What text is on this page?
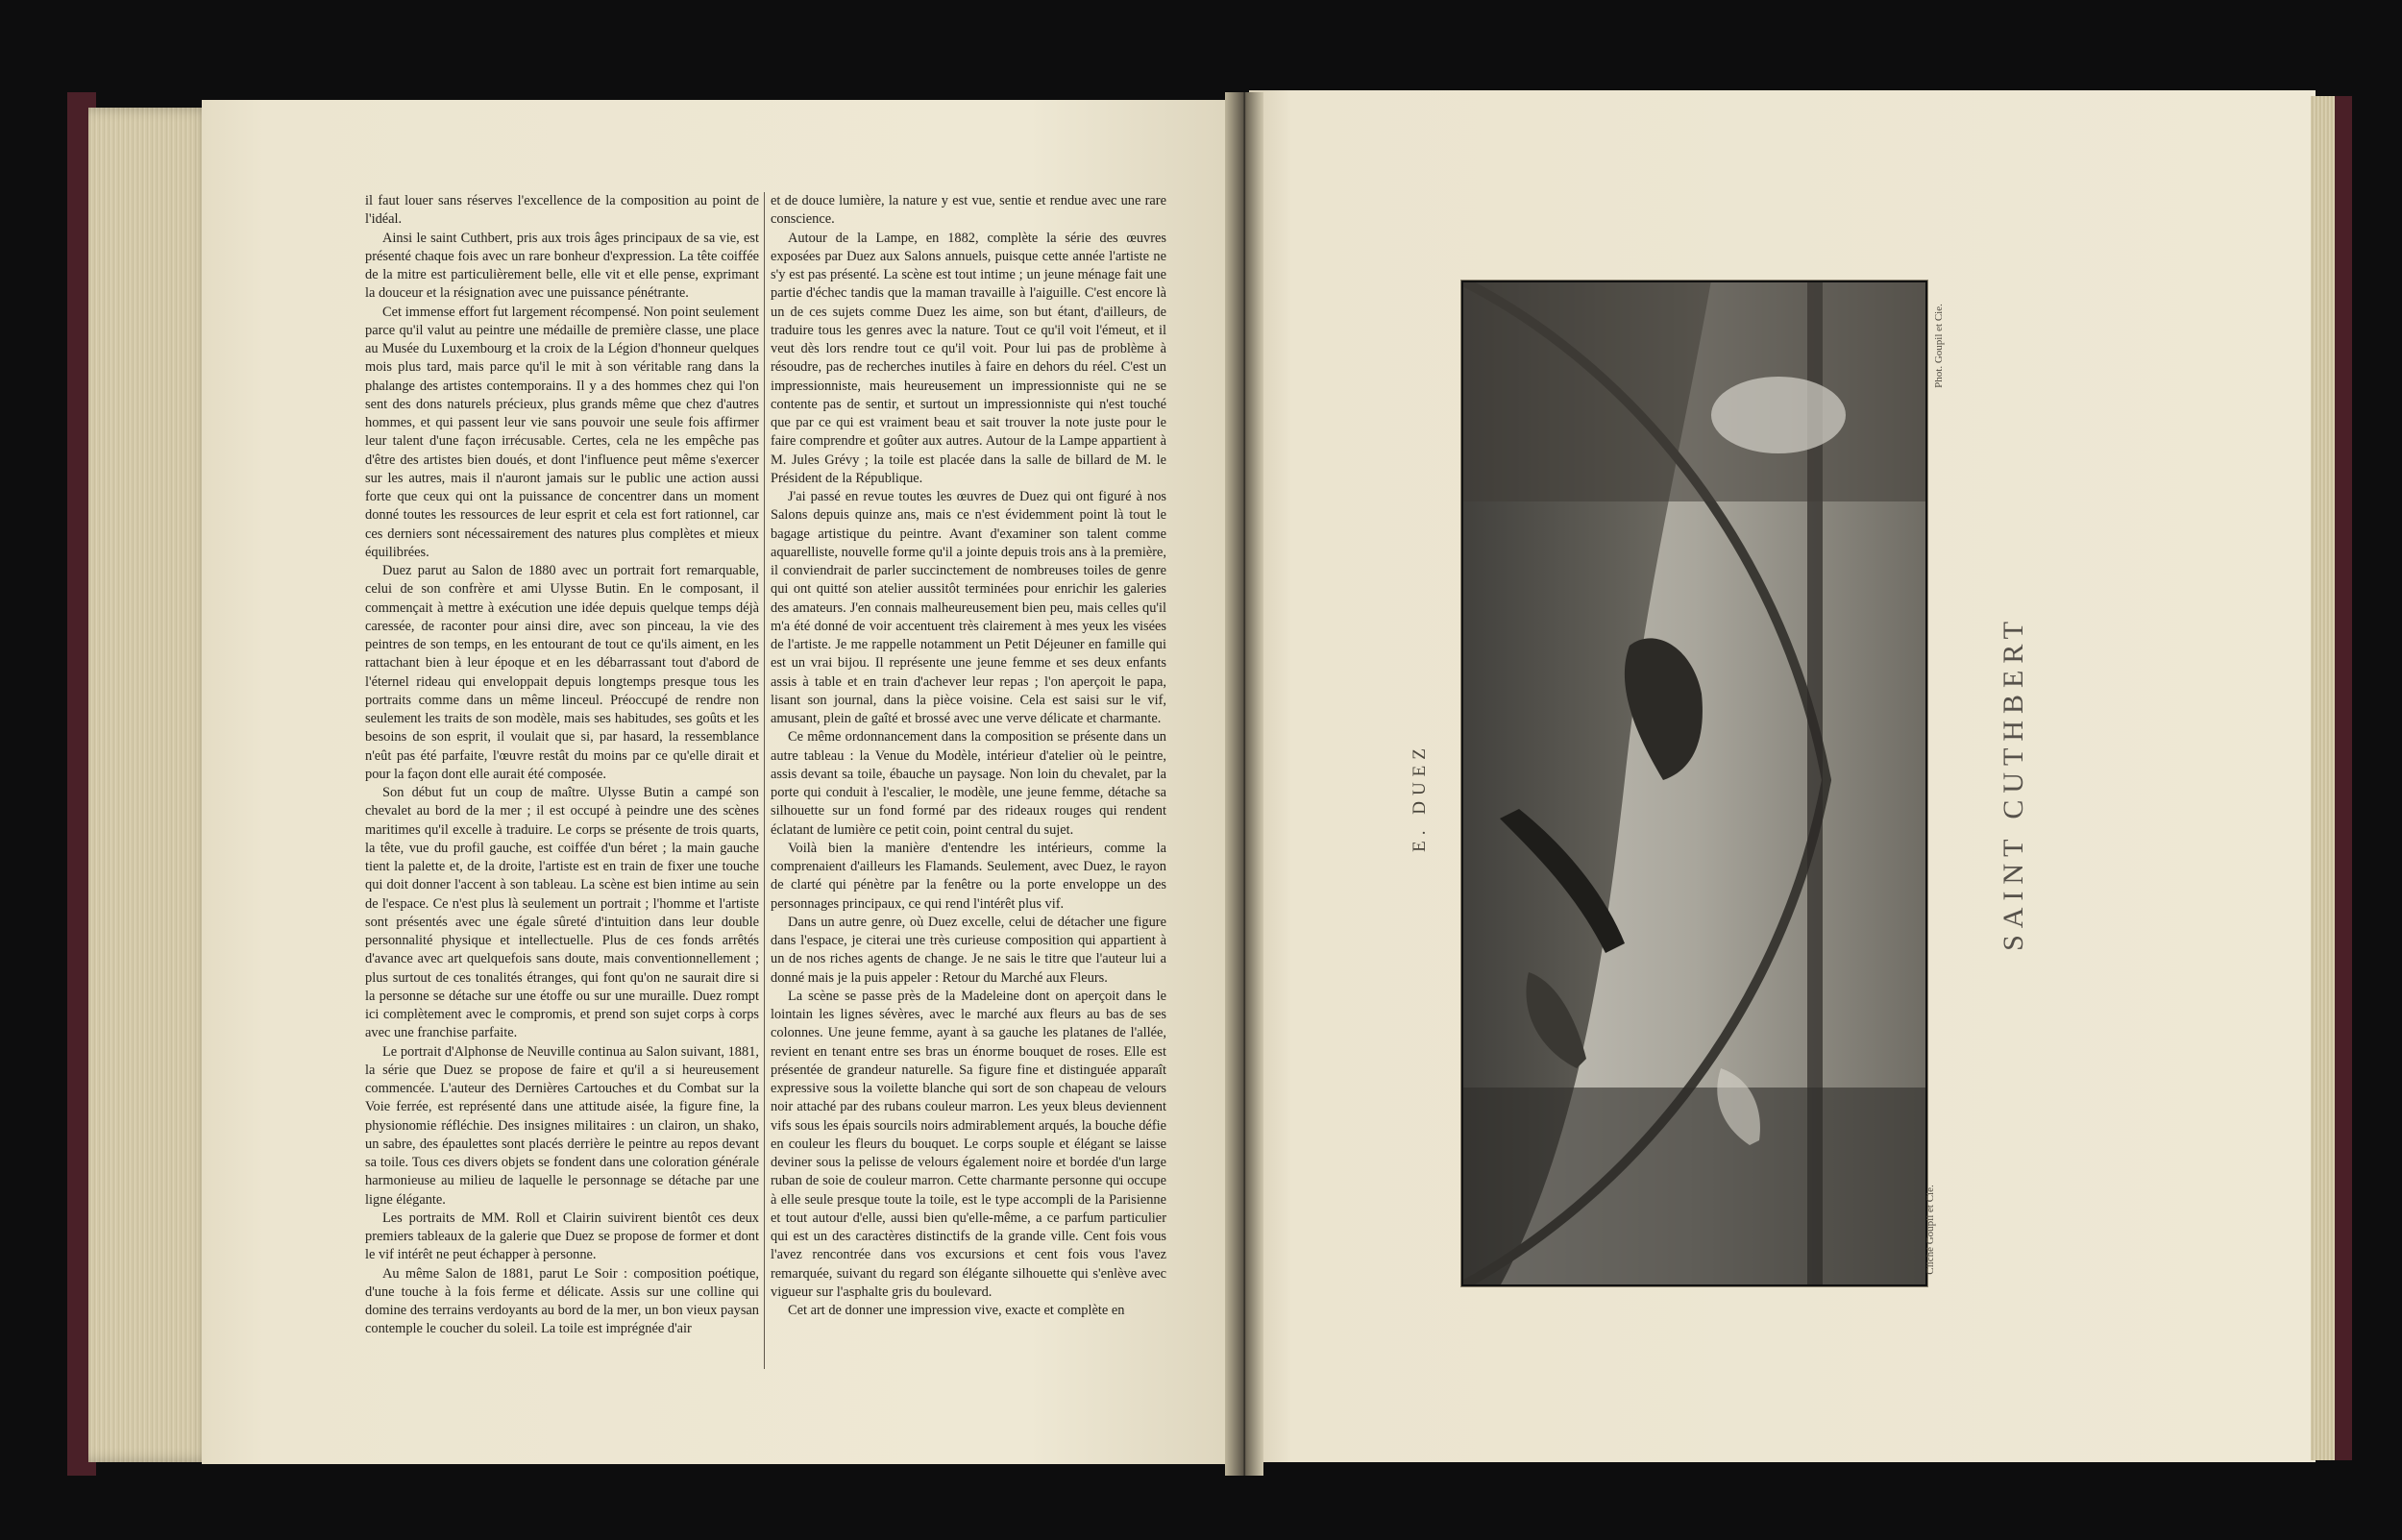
il faut louer sans réserves l'excellence de la composition au point de l'idéal.

Ainsi le saint Cuthbert, pris aux trois âges principaux de sa vie, est présenté chaque fois avec un rare bonheur d'expression. La tête coiffée de la mitre est particulièrement belle, elle vit et elle pense, exprimant la douceur et la résignation avec une puissance pénétrante.

Cet immense effort fut largement récompensé. Non point seulement parce qu'il valut au peintre une médaille de première classe, une place au Musée du Luxembourg et la croix de la Légion d'honneur quelques mois plus tard, mais parce qu'il le mit à son véritable rang dans la phalange des artistes contemporains. Il y a des hommes chez qui l'on sent des dons naturels précieux, plus grands même que chez d'autres hommes, et qui passent leur vie sans pouvoir une seule fois affirmer leur talent d'une façon irrécusable. Certes, cela ne les empêche pas d'être des artistes bien doués, et dont l'influence peut même s'exercer sur les autres, mais il n'auront jamais sur le public une action aussi forte que ceux qui ont la puissance de concentrer dans un moment donné toutes les ressources de leur esprit et cela est fort rationnel, car ces derniers sont nécessairement des natures plus complètes et mieux équilibrées.

Duez parut au Salon de 1880 avec un portrait fort remarquable, celui de son confrère et ami Ulysse Butin. En le composant, il commençait à mettre à exécution une idée depuis quelque temps déjà caressée, de raconter pour ainsi dire, avec son pinceau, la vie des peintres de son temps, en les entourant de tout ce qu'ils aiment, en les rattachant bien à leur époque et en les débarrassant tout d'abord de l'éternel rideau qui enveloppait depuis longtemps presque tous les portraits comme dans un même linceul. Préoccupé de rendre non seulement les traits de son modèle, mais ses habitudes, ses goûts et les besoins de son esprit, il voulait que si, par hasard, la ressemblance n'eût pas été parfaite, l'œuvre restât du moins par ce qu'elle dirait et pour la façon dont elle aurait été composée.

Son début fut un coup de maître. Ulysse Butin a campé son chevalet au bord de la mer ; il est occupé à peindre une des scènes maritimes qu'il excelle à traduire. Le corps se présente de trois quarts, la tête, vue du profil gauche, est coiffée d'un béret ; la main gauche tient la palette et, de la droite, l'artiste est en train de fixer une touche qui doit donner l'accent à son tableau. La scène est bien intime au sein de l'espace. Ce n'est plus là seulement un portrait ; l'homme et l'artiste sont présentés avec une égale sûreté d'intuition dans leur double personnalité physique et intellectuelle. Plus de ces fonds arrêtés d'avance avec art quelquefois sans doute, mais conventionnellement ; plus surtout de ces tonalités étranges, qui font qu'on ne saurait dire si la personne se détache sur une étoffe ou sur une muraille. Duez rompt ici complètement avec le compromis, et prend son sujet corps à corps avec une franchise parfaite.

Le portrait d'Alphonse de Neuville continua au Salon suivant, 1881, la série que Duez se propose de faire et qu'il a si heureusement commencée. L'auteur des Dernières Cartouches et du Combat sur la Voie ferrée, est représenté dans une attitude aisée, la figure fine, la physionomie réfléchie. Des insignes militaires : un clairon, un shako, un sabre, des épaulettes sont placés derrière le peintre au repos devant sa toile. Tous ces divers objets se fondent dans une coloration générale harmonieuse au milieu de laquelle le personnage se détache par une ligne élégante.

Les portraits de MM. Roll et Clairin suivirent bientôt ces deux premiers tableaux de la galerie que Duez se propose de former et dont le vif intérêt ne peut échapper à personne.

Au même Salon de 1881, parut Le Soir : composition poétique, d'une touche à la fois ferme et délicate. Assis sur une colline qui domine des terrains verdoyants au bord de la mer, un bon vieux paysan contemple le coucher du soleil. La toile est imprégnée d'air

et de douce lumière, la nature y est vue, sentie et rendue avec une rare conscience.

Autour de la Lampe, en 1882, complète la série des œuvres exposées par Duez aux Salons annuels, puisque cette année l'artiste ne s'y est pas présenté. La scène est tout intime ; un jeune ménage fait une partie d'échec tandis que la maman travaille à l'aiguille. C'est encore là un de ces sujets comme Duez les aime, son but étant, d'ailleurs, de traduire tous les genres avec la nature. Tout ce qu'il voit l'émeut, et il veut dès lors rendre tout ce qu'il voit. Pour lui pas de problème à résoudre, pas de recherches inutiles à faire en dehors du réel. C'est un impressionniste, mais heureusement un impressionniste qui ne se contente pas de sentir, et surtout un impressionniste qui n'est touché que par ce qui est vraiment beau et sait trouver la note juste pour le faire comprendre et goûter aux autres. Autour de la Lampe appartient à M. Jules Grévy ; la toile est placée dans la salle de billard de M. le Président de la République.

J'ai passé en revue toutes les œuvres de Duez qui ont figuré à nos Salons depuis quinze ans, mais ce n'est évidemment point là tout le bagage artistique du peintre. Avant d'examiner son talent comme aquarelliste, nouvelle forme qu'il a jointe depuis trois ans à la première, il conviendrait de parler succinctement de nombreuses toiles de genre qui ont quitté son atelier aussitôt terminées pour enrichir les galeries des amateurs. J'en connais malheureusement bien peu, mais celles qu'il m'a été donné de voir accentuent très clairement à mes yeux les visées de l'artiste. Je me rappelle notamment un Petit Déjeuner en famille qui est un vrai bijou. Il représente une jeune femme et ses deux enfants assis à table et en train d'achever leur repas ; l'on aperçoit le papa, lisant son journal, dans la pièce voisine. Cela est saisi sur le vif, amusant, plein de gaîté et brossé avec une verve délicate et charmante.

Ce même ordonnancement dans la composition se présente dans un autre tableau : la Venue du Modèle, intérieur d'atelier où le peintre, assis devant sa toile, ébauche un paysage. Non loin du chevalet, par la porte qui conduit à l'escalier, le modèle, une jeune femme, détache sa silhouette sur un fond formé par des rideaux rouges qui rendent éclatant de lumière ce petit coin, point central du sujet.

Voilà bien la manière d'entendre les intérieurs, comme la comprenaient d'ailleurs les Flamands. Seulement, avec Duez, le rayon de clarté qui pénètre par la fenêtre ou la porte enveloppe un des personnages principaux, ce qui rend l'intérêt plus vif.

Dans un autre genre, où Duez excelle, celui de détacher une figure dans l'espace, je citerai une très curieuse composition qui appartient à un de nos riches agents de change. Je ne sais le titre que l'auteur lui a donné mais je la puis appeler : Retour du Marché aux Fleurs.

La scène se passe près de la Madeleine dont on aperçoit dans le lointain les lignes sévères, avec le marché aux fleurs au bas de ses colonnes. Une jeune femme, ayant à sa gauche les platanes de l'allée, revient en tenant entre ses bras un énorme bouquet de roses. Elle est présentée de grandeur naturelle. Sa figure fine et distinguée apparaît expressive sous la voilette blanche qui sort de son chapeau de velours noir attaché par des rubans couleur marron. Les yeux bleus deviennent vifs sous les épais sourcils noirs admirablement arqués, la bouche défie en couleur les fleurs du bouquet. Le corps souple et élégant se laisse deviner sous la pelisse de velours également noire et bordée d'un large ruban de soie de couleur marron. Cette charmante personne qui occupe à elle seule presque toute la toile, est le type accompli de la Parisienne et tout autour d'elle, aussi bien qu'elle-même, a ce parfum particulier qui est un des caractères distinctifs de la grande ville. Cent fois vous l'avez rencontrée dans vos excursions et cent fois vous l'avez remarquée, suivant du regard son élégante silhouette qui s'enlève avec vigueur sur l'asphalte gris du boulevard.

Cet art de donner une impression vive, exacte et complète en

E. DUEZ	SAINT CUTHBERT
Cliché Goupil et Cie.
Phot. Goupil et Cie.
